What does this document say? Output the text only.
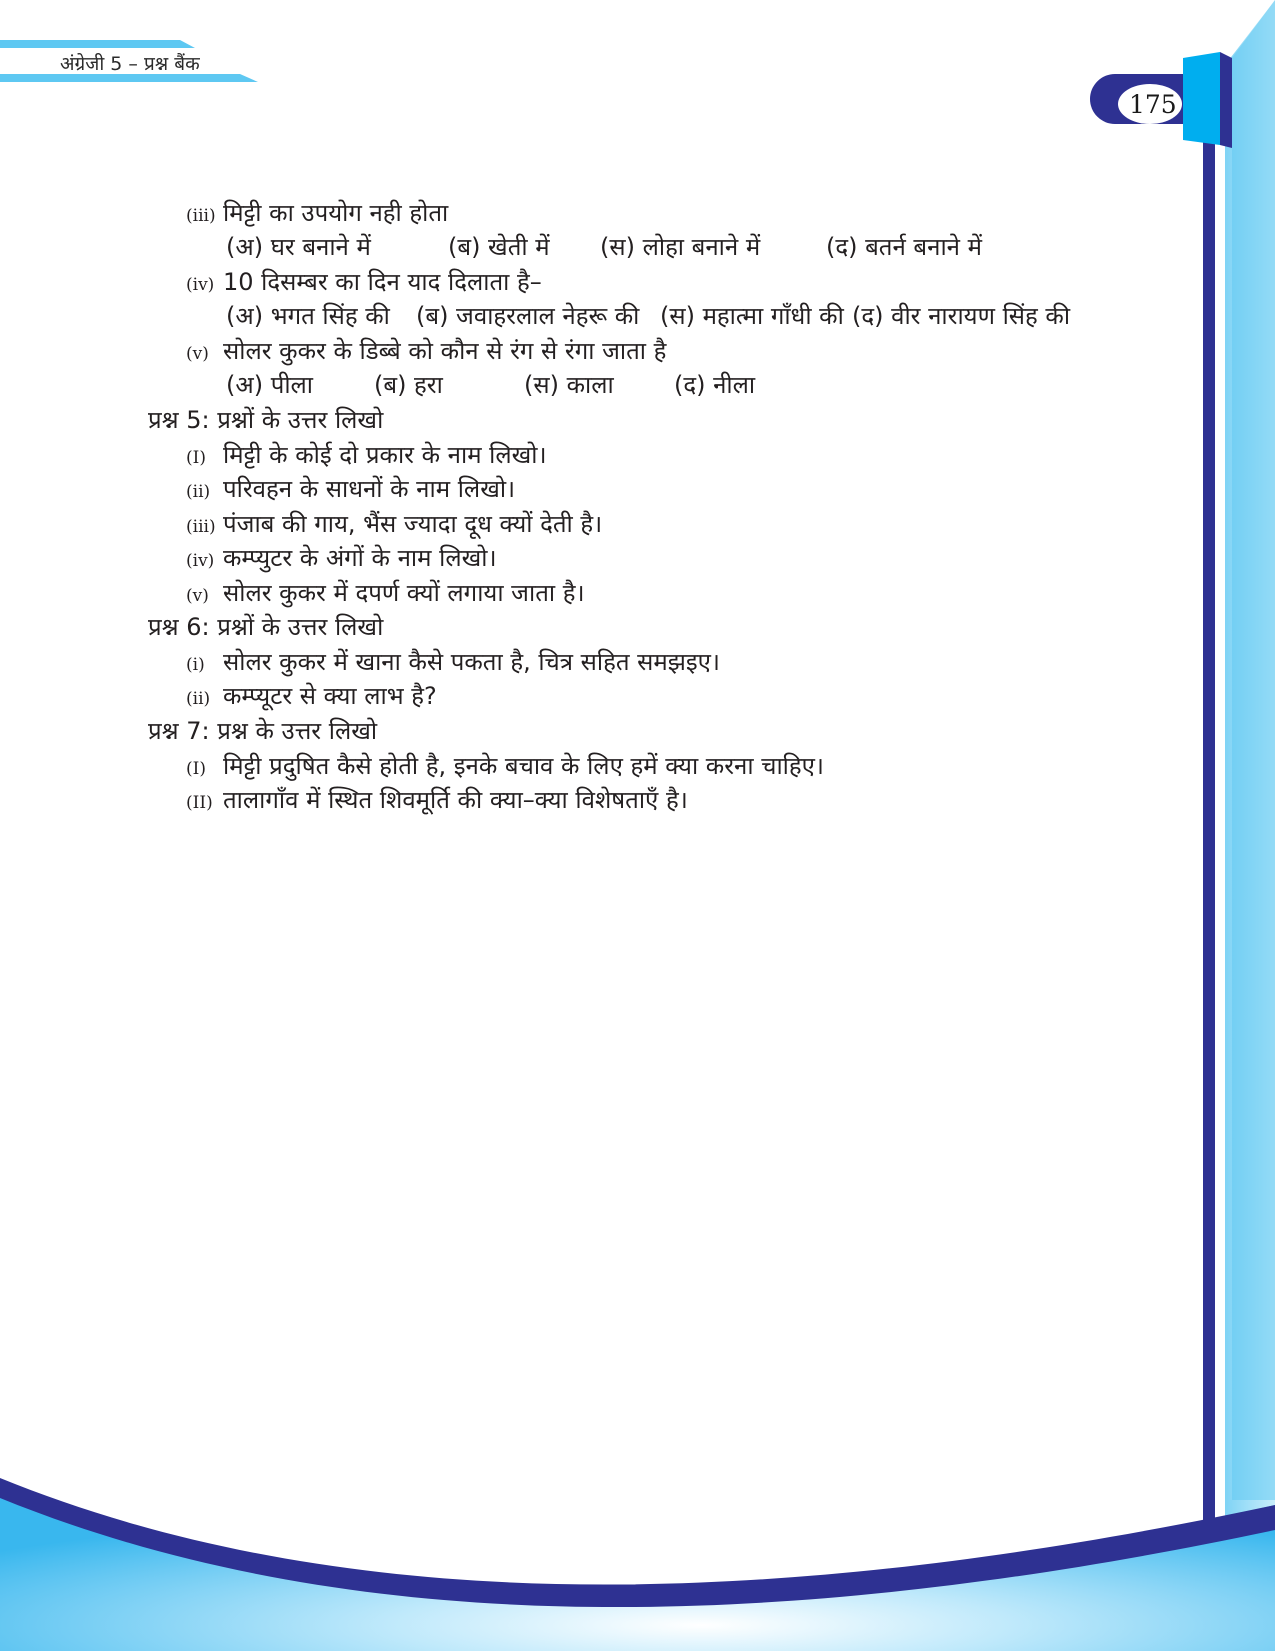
अंग्रेजी 5 – प्रश्न बैंक
175
(iii) मिट्टी का उपयोग नही होता
(अ) घर बनाने में	(ब) खेती में (स) लोहा बनाने में	(द) बतर्न बनाने में
(iv) 10 दिसम्बर का दिन याद दिलाता है–
(अ) भगत सिंह की (ब) जवाहरलाल नेहरू की (स) महात्मा गाँधी की (द) वीर नारायण सिंह की
(v) सोलर कुकर के डिब्बे को कौन से रंग से रंगा जाता है
(अ) पीला	(ब) हरा	(स) काला	(द) नीला
प्रश्न 5: प्रश्नों के उत्तर लिखो
(I) मिट्टी के कोई दो प्रकार के नाम लिखो।
(ii) परिवहन के साधनों के नाम लिखो।
(iii) पंजाब की गाय, भैंस ज्यादा दूध क्यों देती है।
(iv) कम्प्युटर के अंगों के नाम लिखो।
(v) सोलर कुकर में दपर्ण क्यों लगाया जाता है।
प्रश्न 6: प्रश्नों के उत्तर लिखो
(i) सोलर कुकर में खाना कैसे पकता है, चित्र सहित समझइए।
(ii) कम्प्यूटर से क्या लाभ है?
प्रश्न 7: प्रश्न के उत्तर लिखो
(I) मिट्टी प्रदुषित कैसे होती है, इनके बचाव के लिए हमें क्या करना चाहिए।
(II) तालागाँव में स्थित शिवमूर्ति की क्या–क्या विशेषताएँ है।
